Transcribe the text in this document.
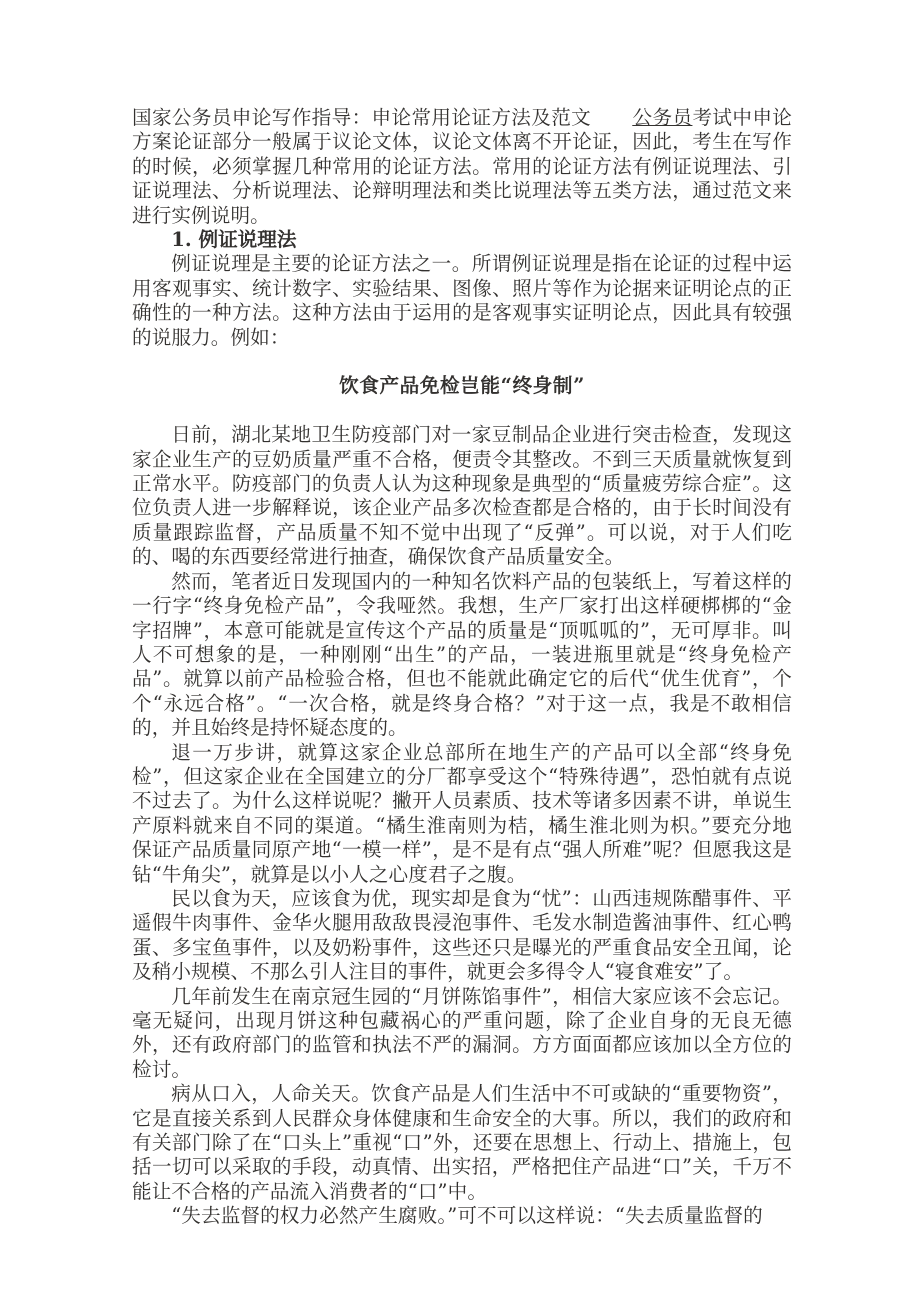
国家公务员申论写作指导：申论常用论证方法及范文 公务员考试中申论方案论证部分一般属于议论文体，议论文体离不开论证，因此，考生在写作的时候，必须掌握几种常用的论证方法。常用的论证方法有例证说理法、引证说理法、分析说理法、论辩明理法和类比说理法等五类方法，通过范文来进行实例说明。

1. 例证说理法

例证说理是主要的论证方法之一。所谓例证说理是指在论证的过程中运用客观事实、统计数字、实验结果、图像、照片等作为论据来证明论点的正确性的一种方法。这种方法由于运用的是客观事实证明论点，因此具有较强的说服力。例如：

饮食产品免检岂能“终身制”

日前，湖北某地卫生防疫部门对一家豆制品企业进行突击检查，发现这家企业生产的豆奶质量严重不合格，便责令其整改。不到三天质量就恢复到正常水平。防疫部门的负责人认为这种现象是典型的“质量疲劳综合症”。这位负责人进一步解释说，该企业产品多次检查都是合格的，由于长时间没有质量跟踪监督，产品质量不知不觉中出现了“反弹”。可以说，对于人们吃的、喝的东西要经常进行抽查，确保饮食产品质量安全。

然而，笔者近日发现国内的一种知名饮料产品的包装纸上，写着这样的一行字“终身免检产品”，令我哑然。我想，生产厂家打出这样硬梆梆的“金字招牌”，本意可能就是宣传这个产品的质量是“顶呱呱的”，无可厚非。叫人不可想象的是，一种刚刚“出生”的产品，一装进瓶里就是“终身免检产品”。就算以前产品检验合格，但也不能就此确定它的后代“优生优育”，个个“永远合格”。“一次合格，就是终身合格？”对于这一点，我是不敢相信的，并且始终是持怀疑态度的。

退一万步讲，就算这家企业总部所在地生产的产品可以全部“终身免检”，但这家企业在全国建立的分厂都享受这个“特殊待遇”，恐怕就有点说不过去了。为什么这样说呢？撇开人员素质、技术等诸多因素不讲，单说生产原料就来自不同的渠道。“橘生淮南则为桔，橘生淮北则为枳。”要充分地保证产品质量同原产地“一模一样”，是不是有点“强人所难”呢？但愿我这是钻“牛角尖”，就算是以小人之心度君子之腹。

民以食为天，应该食为优，现实却是食为“忧”：山西违规陈醋事件、平遥假牛肉事件、金华火腿用敌敌畏浸泡事件、毛发水制造酱油事件、红心鸭蛋、多宝鱼事件，以及奶粉事件，这些还只是曝光的严重食品安全丑闻，论及稍小规模、不那么引人注目的事件，就更会多得令人“寝食难安”了。

几年前发生在南京冠生园的“月饼陈馅事件”，相信大家应该不会忘记。毫无疑问，出现月饼这种包藏祸心的严重问题，除了企业自身的无良无德外，还有政府部门的监管和执法不严的漏洞。方方面面都应该加以全方位的检讨。

病从口入，人命关天。饮食产品是人们生活中不可或缺的“重要物资”，它是直接关系到人民群众身体健康和生命安全的大事。所以，我们的政府和有关部门除了在“口头上”重视“口”外，还要在思想上、行动上、措施上，包括一切可以采取的手段，动真情、出实招，严格把住产品进“口”关，千万不能让不合格的产品流入消费者的“口”中。

“失去监督的权力必然产生腐败。”可不可以这样说：“失去质量监督的
